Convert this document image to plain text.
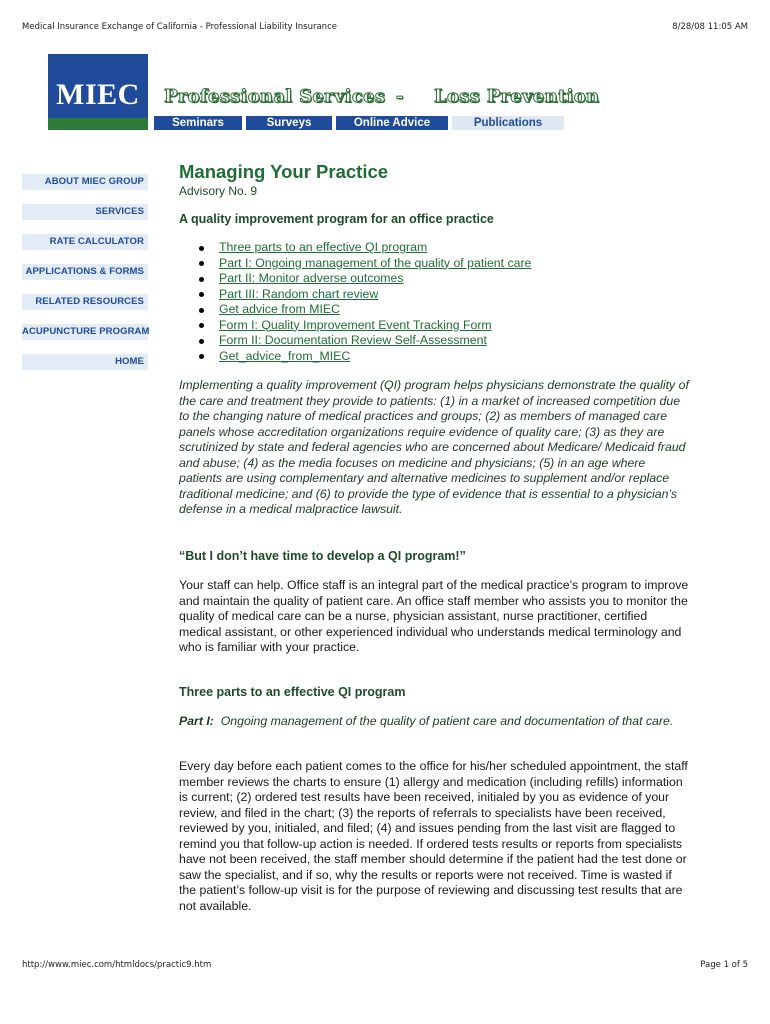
Medical Insurance Exchange of California - Professional Liability Insurance	8/28/08 11:05 AM
MIEC	Professional Services - Loss Prevention
Seminars	Surveys	Online Advice	Publications
ABOUT MIEC GROUP
SERVICES
RATE CALCULATOR
APPLICATIONS & FORMS
RELATED RESOURCES
ACUPUNCTURE PROGRAM
HOME
Managing Your Practice
Advisory No. 9
A quality improvement program for an office practice
Three parts to an effective QI program
Part I: Ongoing management of the quality of patient care
Part II: Monitor adverse outcomes
Part III: Random chart review
Get advice from MIEC
Form I: Quality Improvement Event Tracking Form
Form II: Documentation Review Self-Assessment
Get_advice_from_MIEC
Implementing a quality improvement (QI) program helps physicians demonstrate the quality of the care and treatment they provide to patients: (1) in a market of increased competition due to the changing nature of medical practices and groups; (2) as members of managed care panels whose accreditation organizations require evidence of quality care; (3) as they are scrutinized by state and federal agencies who are concerned about Medicare/ Medicaid fraud and abuse; (4) as the media focuses on medicine and physicians; (5) in an age where patients are using complementary and alternative medicines to supplement and/or replace traditional medicine; and (6) to provide the type of evidence that is essential to a physician’s defense in a medical malpractice lawsuit.
“But I don’t have time to develop a QI program!”
Your staff can help. Office staff is an integral part of the medical practice’s program to improve and maintain the quality of patient care. An office staff member who assists you to monitor the quality of medical care can be a nurse, physician assistant, nurse practitioner, certified medical assistant, or other experienced individual who understands medical terminology and who is familiar with your practice.
Three parts to an effective QI program
Part I: Ongoing management of the quality of patient care and documentation of that care.
Every day before each patient comes to the office for his/her scheduled appointment, the staff member reviews the charts to ensure (1) allergy and medication (including refills) information is current; (2) ordered test results have been received, initialed by you as evidence of your review, and filed in the chart; (3) the reports of referrals to specialists have been received, reviewed by you, initialed, and filed; (4) and issues pending from the last visit are flagged to remind you that follow-up action is needed. If ordered tests results or reports from specialists have not been received, the staff member should determine if the patient had the test done or saw the specialist, and if so, why the results or reports were not received. Time is wasted if the patient’s follow-up visit is for the purpose of reviewing and discussing test results that are not available.
http://www.miec.com/htmldocs/practic9.htm	Page 1 of 5
